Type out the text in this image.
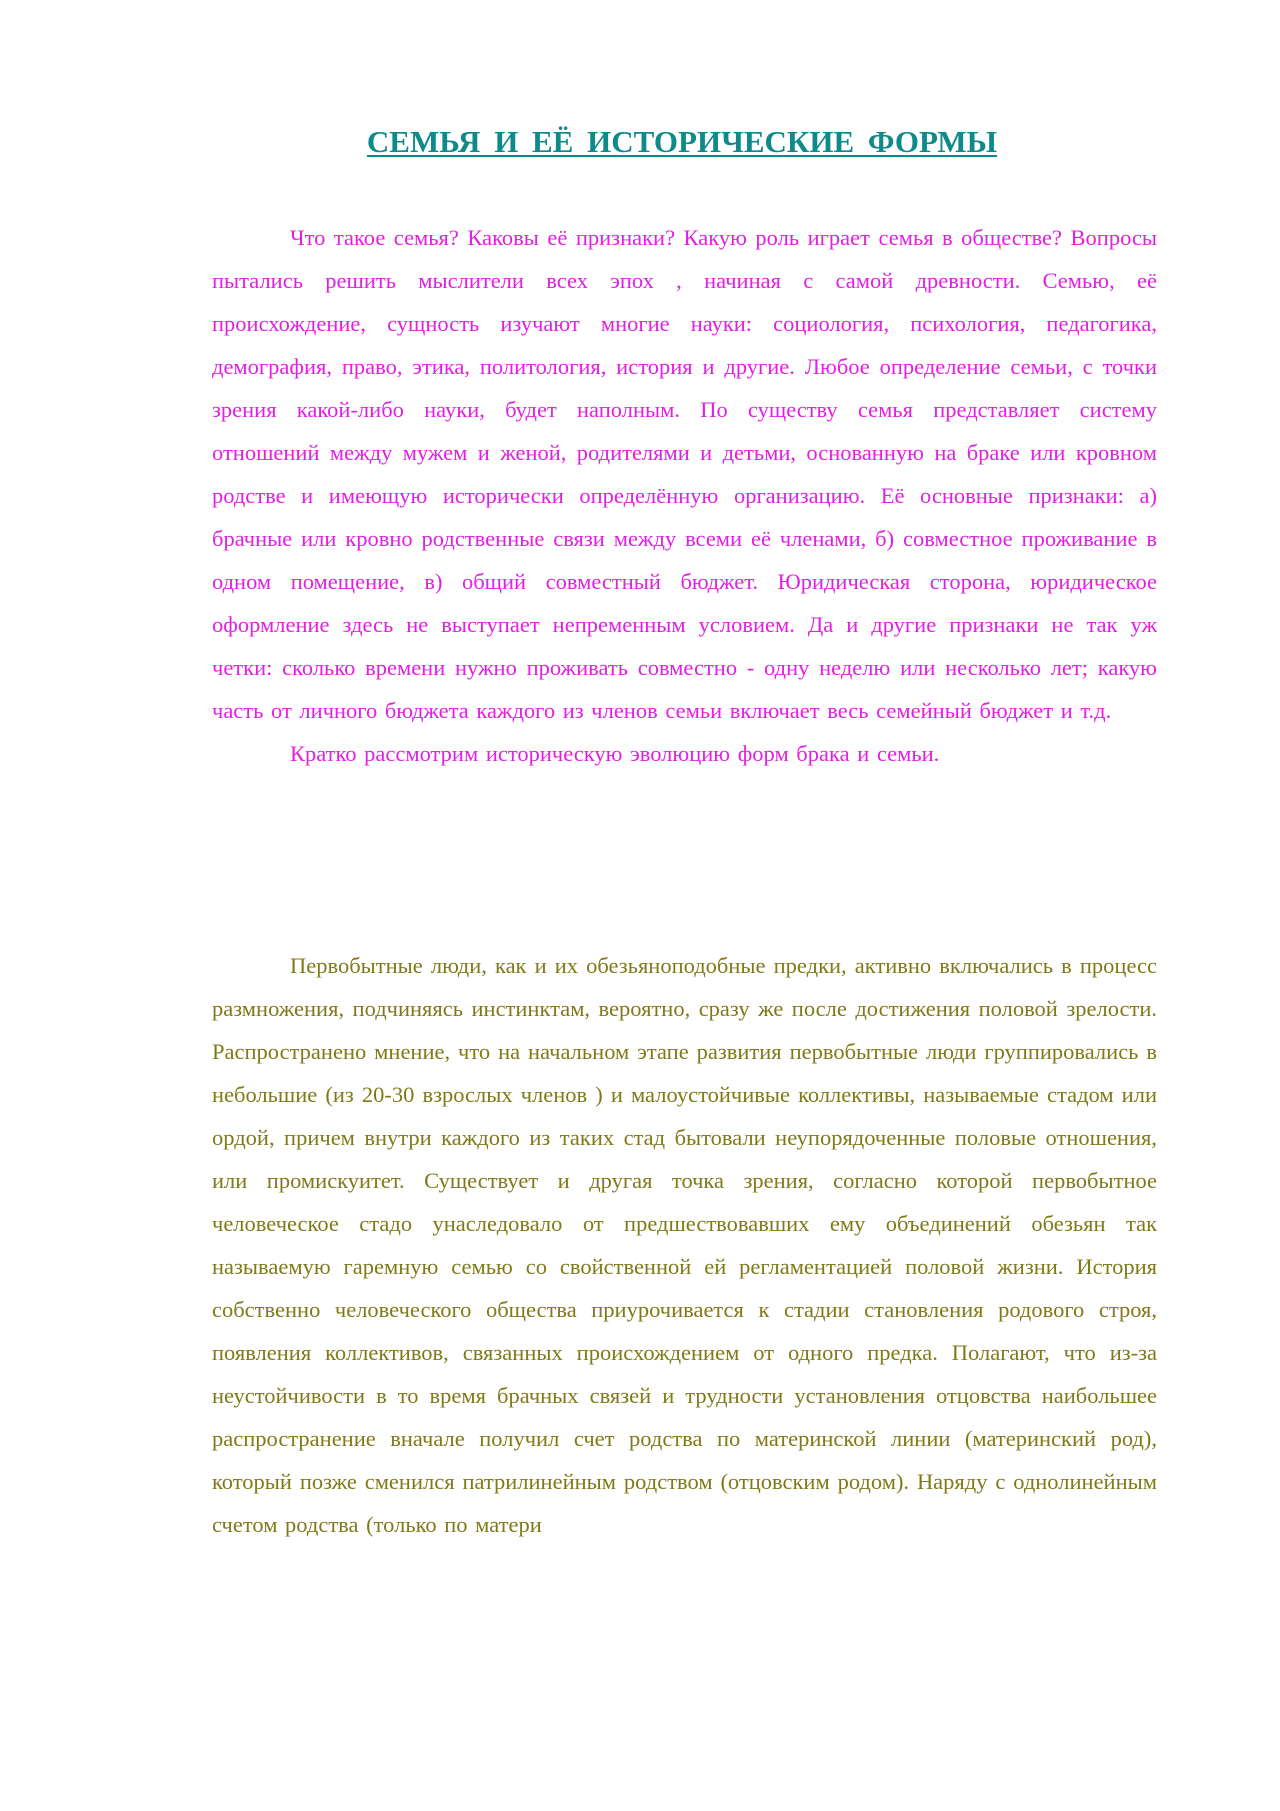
СЕМЬЯ И ЕЁ ИСТОРИЧЕСКИЕ ФОРМЫ

Что такое семья? Каковы её признаки? Какую роль играет семья в обществе? Вопросы пытались решить мыслители всех эпох , начиная с самой древности. Семью, её происхождение, сущность изучают многие науки: социология, психология, педагогика, демография, право, этика, политология, история и другие. Любое определение семьи, с точки зрения какой-либо науки, будет наполным. По существу семья представляет систему отношений между мужем и женой, родителями и детьми, основанную на браке или кровном родстве и имеющую исторически определённую организацию. Её основные признаки: а) брачные или кровно родственные связи между всеми её членами, б) совместное проживание в одном помещение, в) общий совместный бюджет. Юридическая сторона, юридическое оформление здесь не выступает непременным условием. Да и другие признаки не так уж четки: сколько времени нужно проживать совместно - одну неделю или несколько лет; какую часть от личного бюджета каждого из членов семьи включает весь семейный бюджет и т.д.

Кратко рассмотрим историческую эволюцию форм брака и семьи.

Первобытные люди, как и их обезьяноподобные предки, активно включались в процесс размножения, подчиняясь инстинктам, вероятно, сразу же после достижения половой зрелости. Распространено мнение, что на начальном этапе развития первобытные люди группировались в небольшие (из 20-30 взрослых членов ) и малоустойчивые коллективы, называемые стадом или ордой, причем внутри каждого из таких стад бытовали неупорядоченные половые отношения, или промискуитет. Существует и другая точка зрения, согласно которой первобытное человеческое стадо унаследовало от предшествовавших ему объединений обезьян так называемую гаремную семью со свойственной ей регламентацией половой жизни. История собственно человеческого общества приурочивается к стадии становления родового строя, появления коллективов, связанных происхождением от одного предка. Полагают, что из-за неустойчивости в то время брачных связей и трудности установления отцовства наибольшее распространение вначале получил счет родства по материнской линии (материнский род), который позже сменился патрилинейным родством (отцовским родом). Наряду с однолинейным счетом родства (только по матери
